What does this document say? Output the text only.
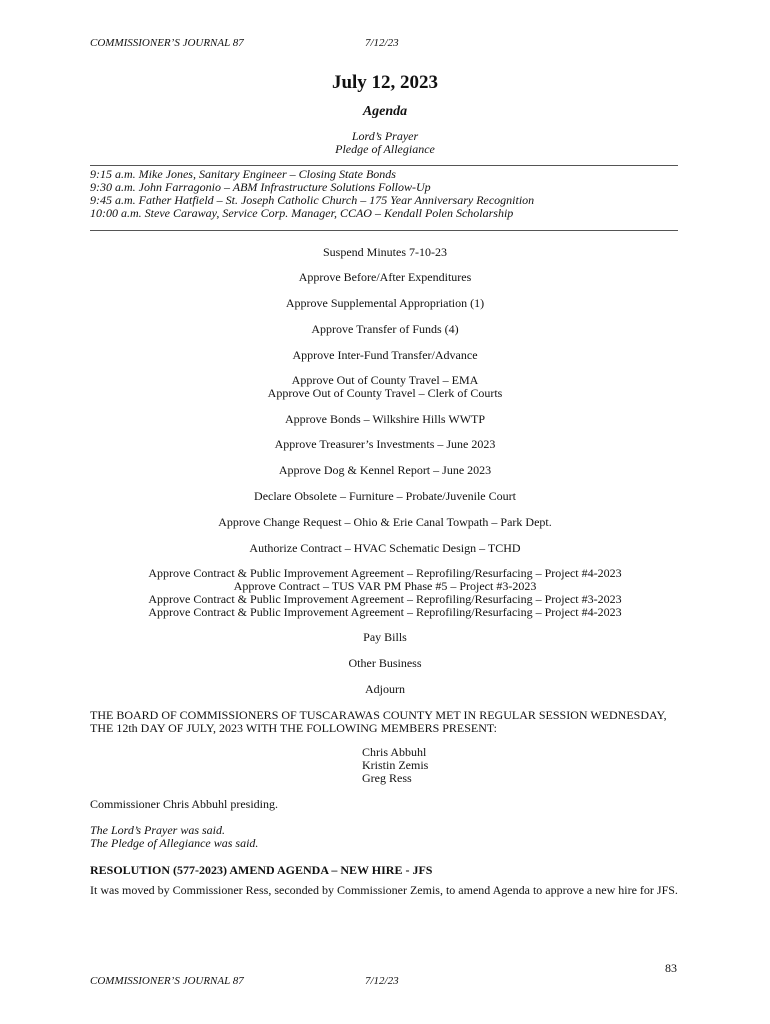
COMMISSIONER’S JOURNAL 87	7/12/23
July 12, 2023
Agenda
Lord’s Prayer
Pledge of Allegiance
9:15 a.m. Mike Jones, Sanitary Engineer – Closing State Bonds
9:30 a.m. John Farragonio – ABM Infrastructure Solutions Follow-Up
9:45 a.m. Father Hatfield – St. Joseph Catholic Church – 175 Year Anniversary Recognition
10:00 a.m. Steve Caraway, Service Corp. Manager, CCAO – Kendall Polen Scholarship
Suspend Minutes 7-10-23
Approve Before/After Expenditures
Approve Supplemental Appropriation (1)
Approve Transfer of Funds (4)
Approve Inter-Fund Transfer/Advance
Approve Out of County Travel – EMA
Approve Out of County Travel – Clerk of Courts
Approve Bonds – Wilkshire Hills WWTP
Approve Treasurer’s Investments – June 2023
Approve Dog & Kennel Report – June 2023
Declare Obsolete – Furniture – Probate/Juvenile Court
Approve Change Request – Ohio & Erie Canal Towpath – Park Dept.
Authorize Contract – HVAC Schematic Design – TCHD
Approve Contract & Public Improvement Agreement – Reprofiling/Resurfacing – Project #4-2023
Approve Contract – TUS VAR PM Phase #5 – Project #3-2023
Approve Contract & Public Improvement Agreement – Reprofiling/Resurfacing – Project #3-2023
Approve Contract & Public Improvement Agreement – Reprofiling/Resurfacing – Project #4-2023
Pay Bills
Other Business
Adjourn
THE BOARD OF COMMISSIONERS OF TUSCARAWAS COUNTY MET IN REGULAR SESSION WEDNESDAY, THE 12th DAY OF JULY, 2023 WITH THE FOLLOWING MEMBERS PRESENT:
Chris Abbuhl
Kristin Zemis
Greg Ress
Commissioner Chris Abbuhl presiding.
The Lord’s Prayer was said.
The Pledge of Allegiance was said.
RESOLUTION (577-2023) AMEND AGENDA – NEW HIRE - JFS
It was moved by Commissioner Ress, seconded by Commissioner Zemis, to amend Agenda to approve a new hire for JFS.
83
COMMISSIONER’S JOURNAL 87	7/12/23
